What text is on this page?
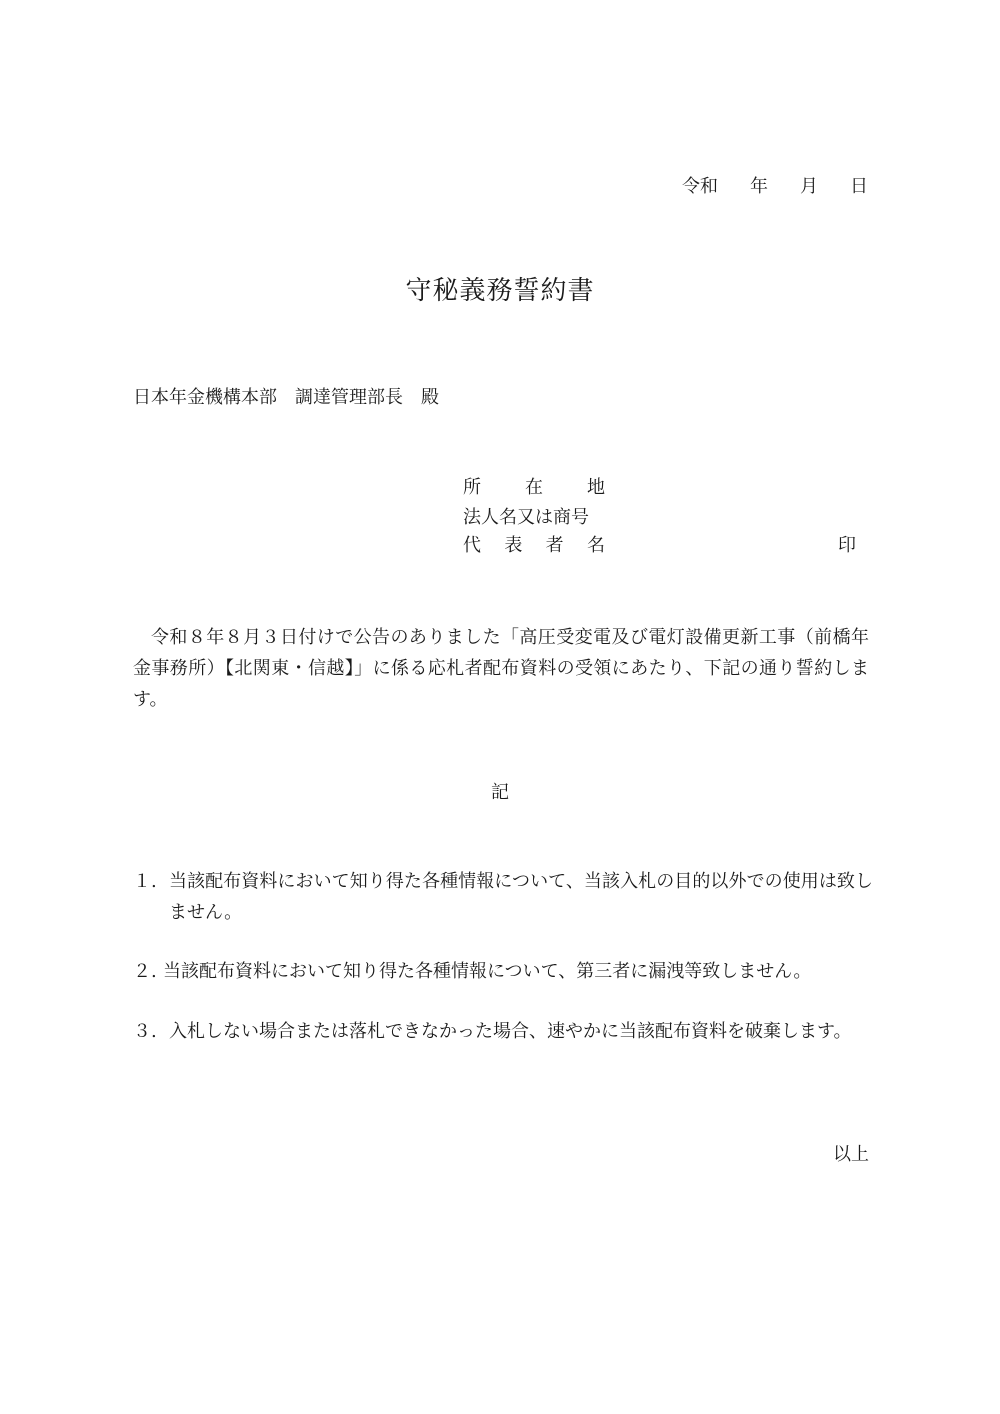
令和 年 月 日
守秘義務誓約書
日本年金機構本部　調達管理部長　殿
所 在 地
法人名又は商号
代 表 者 名	印
令和８年８月３日付けで公告のありました「高圧受変電及び電灯設備更新工事（前橋年金事務所）【北関東・信越】」に係る応札者配布資料の受領にあたり、下記の通り誓約します。
記
１. 当該配布資料において知り得た各種情報について、当該入札の目的以外での使用は致しません。
２. 当該配布資料において知り得た各種情報について、第三者に漏洩等致しません。
３. 入札しない場合または落札できなかった場合、速やかに当該配布資料を破棄します。
以上
